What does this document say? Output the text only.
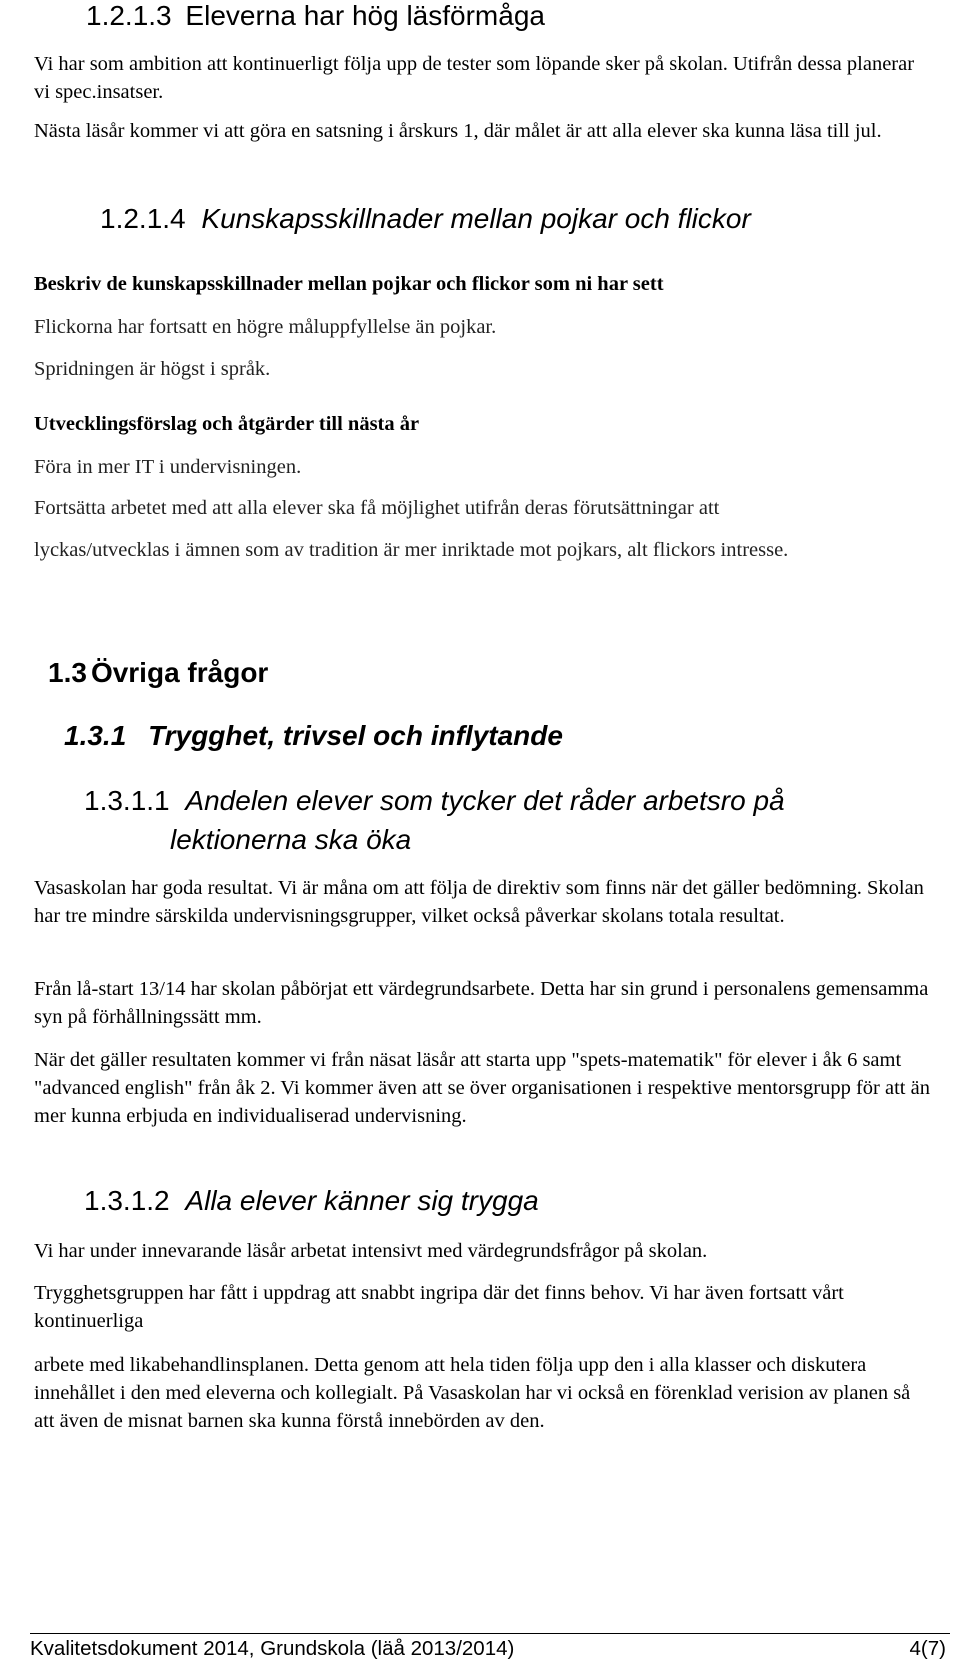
1.2.1.3 Eleverna har hög läsförmåga
Vi har som ambition att kontinuerligt följa upp de tester som löpande sker på skolan. Utifrån dessa planerar vi spec.insatser.
Nästa läsår kommer vi att göra en satsning i årskurs 1, där målet är att alla elever ska kunna läsa till jul.
1.2.1.4 Kunskapsskillnader mellan pojkar och flickor
Beskriv de kunskapsskillnader mellan pojkar och flickor som ni har sett
Flickorna har fortsatt en högre måluppfyllelse än pojkar.
Spridningen är högst i språk.
Utvecklingsförslag och åtgärder till nästa år
Föra in mer IT i undervisningen.
Fortsätta arbetet med att alla elever ska få möjlighet utifrån deras förutsättningar att
lyckas/utvecklas i ämnen som av tradition är mer inriktade mot pojkars, alt flickors intresse.
1.3 Övriga frågor
1.3.1 Trygghet, trivsel och inflytande
1.3.1.1 Andelen elever som tycker det råder arbetsro på
lektionerna ska öka
Vasaskolan har goda resultat. Vi är måna om att följa de direktiv som finns när det gäller bedömning. Skolan har tre mindre särskilda undervisningsgrupper, vilket också påverkar skolans totala resultat.
Från lå-start 13/14 har skolan påbörjat ett värdegrundsarbete. Detta har sin grund i personalens gemensamma syn på förhållningssätt mm.
När det gäller resultaten kommer vi från näsat läsår att starta upp "spets-matematik" för elever i åk 6 samt "advanced english" från åk 2. Vi kommer även att se över organisationen i respektive mentorsgrupp för att än mer kunna erbjuda en individualiserad undervisning.
1.3.1.2 Alla elever känner sig trygga
Vi har under innevarande läsår arbetat intensivt med värdegrundsfrågor på skolan.
Trygghetsgruppen har fått i uppdrag att snabbt ingripa där det finns behov. Vi har även fortsatt vårt kontinuerliga
arbete med likabehandlinsplanen. Detta genom att hela tiden följa upp den i alla klasser och diskutera innehållet i den med eleverna och kollegialt. På Vasaskolan har vi också en förenklad verision av planen så att även de misnat barnen ska kunna förstå innebörden av den.
Kvalitetsdokument 2014, Grundskola (läå 2013/2014)	4(7)
